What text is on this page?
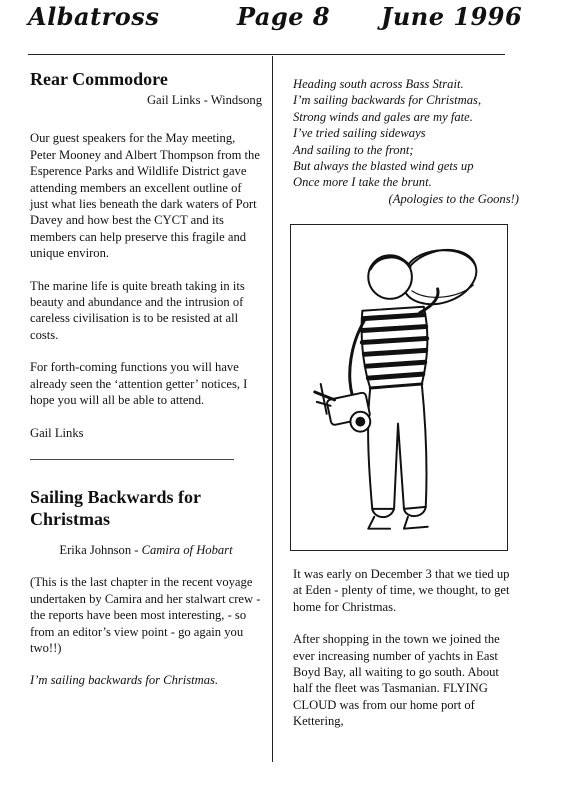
Albatross	Page 8 June 1996
Rear Commodore

Gail Links - Windsong

Our guest speakers for the May meeting, Peter Mooney and Albert Thompson from the Esperence Parks and Wildlife District gave attending members an excellent outline of just what lies beneath the dark waters of Port Davey and how best the CYCT and its members can help preserve this fragile and unique environ.

The marine life is quite breath taking in its beauty and abundance and the intrusion of careless civilisation is to be resisted at all costs.

For forth-coming functions you will have already seen the ‘attention getter’ notices, I hope you will all be able to attend.

Gail Links

Sailing Backwards for Christmas

Erika Johnson - Camira of Hobart

(This is the last chapter in the recent voyage undertaken by Camira and her stalwart crew - the reports have been most interesting, - so from an editor’s view point - go again you two!!)

I’m sailing backwards for Christmas.

Heading south across Bass Strait.

I’m sailing backwards for Christmas,

Strong winds and gales are my fate.

I’ve tried sailing sideways

And sailing to the front;

But always the blasted wind gets up

Once more I take the brunt.

(Apologies to the Goons!)

It was early on December 3 that we tied up at Eden - plenty of time, we thought, to get home for Christmas.

After shopping in the town we joined the ever increasing number of yachts in East Boyd Bay, all waiting to go south. About half the fleet was Tasmanian. FLYING CLOUD was from our home port of Kettering,
